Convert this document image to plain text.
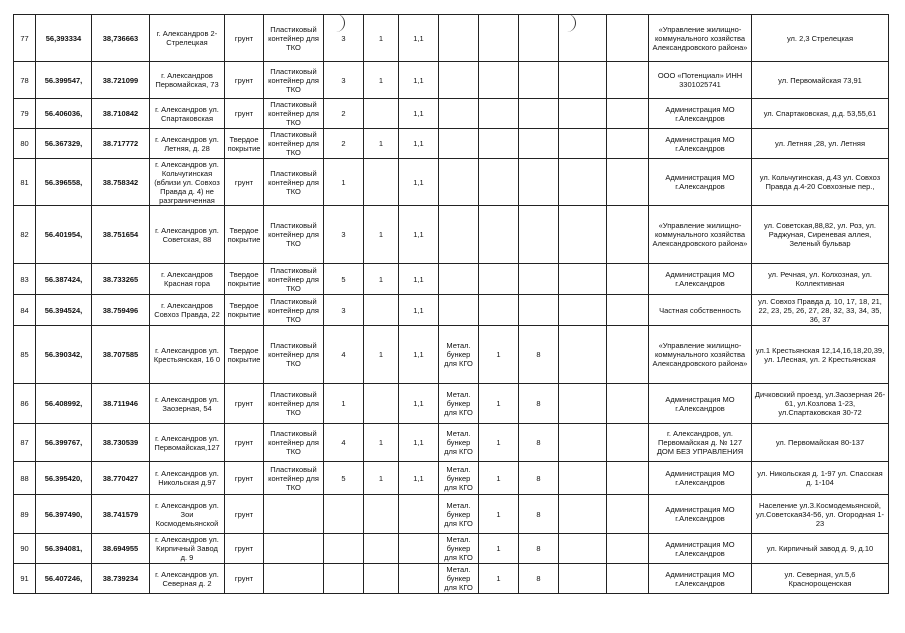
77	56,393334	38,736663	г. Александров 2-Стрелецкая	грунт	Пластиковый контейнер для ТКО	3	1	1,1						«Управление жилищно-коммунального хозяйства Александровского района»	ул. 2,3 Стрелецкая
78	56.399547,	38.721099	г. Александров Первомайская, 73	грунт	Пластиковый контейнер для ТКО	3	1	1,1						ООО «Потенциал» ИНН 3301025741	ул. Первомайская 73,91
79	56.406036,	38.710842	г. Александров ул. Спартаковская	грунт	Пластиковый контейнер для ТКО	2		1,1						Администрация МО г.Александров	ул. Спартаковская, д.д. 53,55,61
80	56.367329,	38.717772	г. Александров ул. Летняя, д. 28	Твердое покрытие	Пластиковый контейнер для ТКО	2	1	1,1						Администрация МО г.Александров	ул. Летняя ,28, ул. Летняя
81	56.396558,	38.758342	г. Александров ул. Кольчугинская (вблизи ул. Совхоз Правда д. 4) не разграниченная	грунт	Пластиковый контейнер для ТКО	1		1,1						Администрация МО г.Александров	ул. Кольчугинская, д.43 ул. Совхоз Правда д.4-20 Совхозные пер.,
82	56.401954,	38.751654	г. Александров ул. Советская, 88	Твердое покрытие	Пластиковый контейнер для ТКО	3	1	1,1						«Управление жилищно-коммунального хозяйства Александровского района»	ул. Советская,88,82, ул. Роз, ул. Раджуная, Сиреневая аллея, Зеленый бульвар
83	56.387424,	38.733265	г. Александров Красная гора	Твердое покрытие	Пластиковый контейнер для ТКО	5	1	1,1						Администрация МО г.Александров	ул. Речная, ул. Колхозная, ул. Коллективная
84	56.394524,	38.759496	г. Александров Совхоз Правда, 22	Твердое покрытие	Пластиковый контейнер для ТКО	3		1,1						Частная собственность	ул. Совхоз Правда д. 10, 17, 18, 21, 22, 23, 25, 26, 27, 28, 32, 33, 34, 35, 36, 37
85	56.390342,	38.707585	г. Александров ул. Крестьянская, 16 0	Твердое покрытие	Пластиковый контейнер для ТКО	4	1	1,1	Метал. бункер для КГО	1	8			«Управление жилищно-коммунального хозяйства Александровского района»	ул.1 Крестьянская 12,14,16,18,20,39, ул. 1Лесная, ул. 2 Крестьянская
86	56.408992,	38.711946	г. Александров ул. Заозерная, 54	грунт	Пластиковый контейнер для ТКО	1		1,1	Метал. бункер для КГО	1	8			Администрация МО г.Александров	Дичковский проезд, ул.Заозерная 26-61, ул.Козлова 1-23, ул.Спартаковская 30-72
87	56.399767,	38.730539	г. Александров ул. Первомайская,127	грунт	Пластиковый контейнер для ТКО	4	1	1,1	Метал. бункер для КГО	1	8			г. Александров, ул. Первомайская д. № 127 ДОМ БЕЗ УПРАВЛЕНИЯ	ул. Первомайская 80-137
88	56.395420,	38.770427	г. Александров ул. Никольская д.97	грунт	Пластиковый контейнер для ТКО	5	1	1,1	Метал. бункер для КГО	1	8			Администрация МО г.Александров	ул. Никольская д. 1-97 ул. Спасская д. 1-104
89	56.397490,	38.741579	г. Александров ул. Зои Космодемьянской	грунт					Метал. бункер для КГО	1	8			Администрация МО г.Александров	Население ул.З.Космодемьянской, ул.Советская34-56, ул. Огородная 1-23
90	56.394081,	38.694955	г. Александров ул. Кирпичный Завод д. 9	грунт					Метал. бункер для КГО	1	8			Администрация МО г.Александров	ул. Кирпичный завод д. 9, д.10
91	56.407246,	38.739234	г. Александров ул. Северная д. 2	грунт					Метал. бункер для КГО	1	8			Администрация МО г.Александров	ул. Северная, ул.5,6 Краснорощенская
